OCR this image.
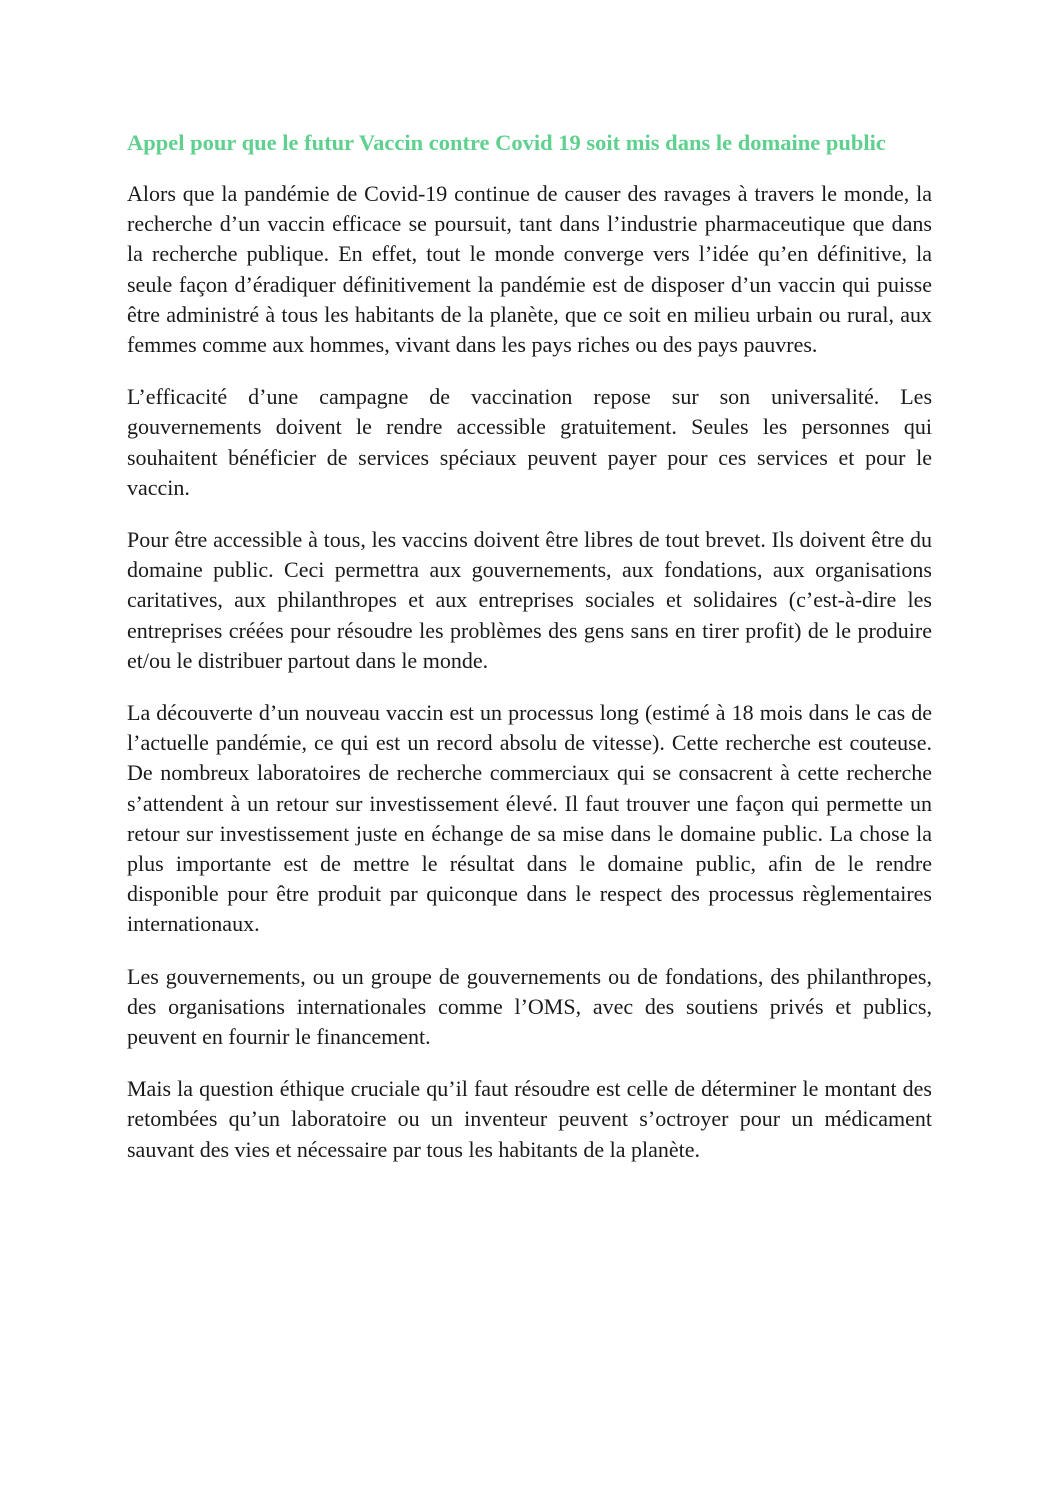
Appel pour que le futur Vaccin contre Covid 19 soit mis dans le domaine public

Alors que la pandémie de Covid-19 continue de causer des ravages à travers le monde, la recherche d’un vaccin efficace se poursuit, tant dans l’industrie pharmaceutique que dans la recherche publique. En effet, tout le monde converge vers l’idée qu’en définitive, la seule façon d’éradiquer définitivement la pandémie est de disposer d’un vaccin qui puisse être administré à tous les habitants de la planète, que ce soit en milieu urbain ou rural, aux femmes comme aux hommes, vivant dans les pays riches ou des pays pauvres.

L’efficacité d’une campagne de vaccination repose sur son universalité. Les gouvernements doivent le rendre accessible gratuitement. Seules les personnes qui souhaitent bénéficier de services spéciaux peuvent payer pour ces services et pour le vaccin.

Pour être accessible à tous, les vaccins doivent être libres de tout brevet. Ils doivent être du domaine public. Ceci permettra aux gouvernements, aux fondations, aux organisations caritatives, aux philanthropes et aux entreprises sociales et solidaires (c’est-à-dire les entreprises créées pour résoudre les problèmes des gens sans en tirer profit) de le produire et/ou le distribuer partout dans le monde.

La découverte d’un nouveau vaccin est un processus long (estimé à 18 mois dans le cas de l’actuelle pandémie, ce qui est un record absolu de vitesse). Cette recherche est couteuse. De nombreux laboratoires de recherche commerciaux qui se consacrent à cette recherche s’attendent à un retour sur investissement élevé. Il faut trouver une façon qui permette un retour sur investissement juste en échange de sa mise dans le domaine public. La chose la plus importante est de mettre le résultat dans le domaine public, afin de le rendre disponible pour être produit par quiconque dans le respect des processus règlementaires internationaux.

Les gouvernements, ou un groupe de gouvernements ou de fondations, des philanthropes, des organisations internationales comme l’OMS, avec des soutiens privés et publics, peuvent en fournir le financement.

Mais la question éthique cruciale qu’il faut résoudre est celle de déterminer le montant des retombées qu’un laboratoire ou un inventeur peuvent s’octroyer pour un médicament sauvant des vies et nécessaire par tous les habitants de la planète.
